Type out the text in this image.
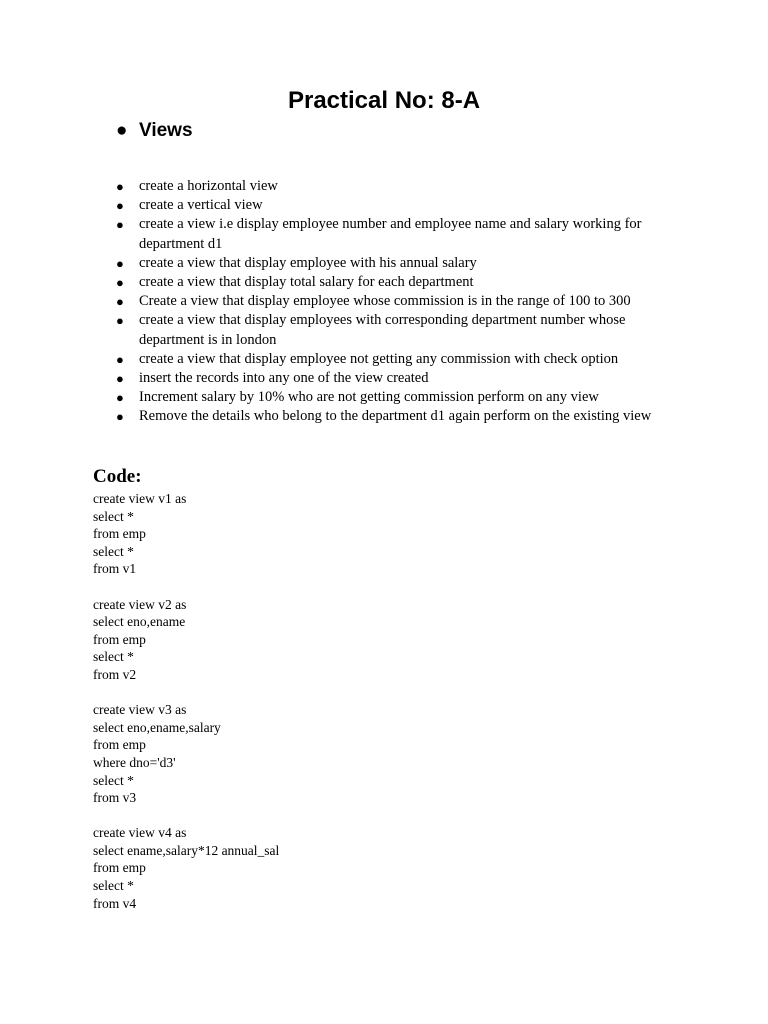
Practical No: 8-A
● Views
● create a horizontal view
● create a vertical view
● create a view i.e display employee number and employee name and salary working for department d1
● create a view that display employee with his annual salary
● create a view that display total salary for each department
● Create a view that display employee whose commission is in the range of 100 to 300
● create a view that display employees with corresponding department number whose department is in london
● create a view that display employee not getting any commission with check option
● insert the records into any one of the view created
● Increment salary by 10% who are not getting commission perform on any view
● Remove the details who belong to the department d1 again perform on the existing view
Code:
create view v1 as
select *
from emp
select *
from v1
create view v2 as
select eno,ename
from emp
select *
from v2
create view v3 as
select eno,ename,salary
from emp
where dno='d3'
select *
from v3
create view v4 as
select ename,salary*12 annual_sal
from emp
select *
from v4
